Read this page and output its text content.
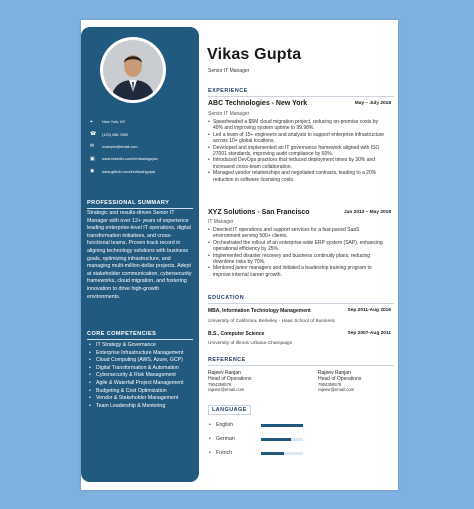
⌖	New York, NY
☎	(123) 456-7890
✉	example@email.com
▣	www.linkedin.com/in/vikashgupta
◉	www.github.com/in/vikashgupta
PROFESSIONAL SUMMARY
Strategic and results-driven Senior IT Manager with over 12+ years of experience leading enterprise-level IT operations, digital transformation initiatives, and cross-functional teams. Proven track record in aligning technology solutions with business goals, optimizing infrastructure, and managing multi-million-dollar projects. Adept at stakeholder communication, cybersecurity frameworks, cloud migration, and fostering innovation to drive high-growth environments.
CORE COMPETENCIES
• IT Strategy & Governance
• Enterprise Infrastructure Management
• Cloud Computing (AWS, Azure, GCP)
• Digital Transformation & Automation
• Cybersecurity & Risk Management
• Agile & Waterfall Project Management
• Budgeting & Cost Optimization
• Vendor & Stakeholder Management
• Team Leadership & Mentoring
Vikas Gupta
Senior IT Manager
EXPERIENCE
ABC Technologies - New York	May – July 2018
Senior IT Manager
• Spearheaded a $5M cloud migration project, reducing on-premise costs by 40% and improving system uptime to 99.98%.
• Led a team of 15+ engineers and analysts to support enterprise infrastructure across 10+ global locations.
• Developed and implemented an IT governance framework aligned with ISO 27001 standards, improving audit compliance by 60%.
• Introduced DevOps practices that reduced deployment times by 30% and increased cross-team collaboration.
• Managed vendor relationships and negotiated contracts, leading to a 20% reduction in software licensing costs.
XYZ Solutions - San Francisco	Jan 2013 – May 2018
IT Manager
• Directed IT operations and support services for a fast-paced SaaS environment serving 500+ clients.
• Orchestrated the rollout of an enterprise-wide ERP system (SAP), enhancing operational efficiency by 25%.
• Implemented disaster recovery and business continuity plans, reducing downtime risks by 70%.
• Mentored junior managers and initiated a leadership training program to improve internal career growth.
EDUCATION
MBA, Information Technology Management	Sep 2011-Aug 2016
University of California, Berkeley - Haas School of Business
B.S., Computer Science	Sep 2007-Aug 2011
University of Illinois Urbana-Champaign
REFERENCE
Rajeev Ranjan
Head of Operations
7904356576
rajeevr@email.com
Rajeev Ranjan
Head of Operations
7904356576
rajeevr@email.com
LANGUAGE
• English
• German
• French
